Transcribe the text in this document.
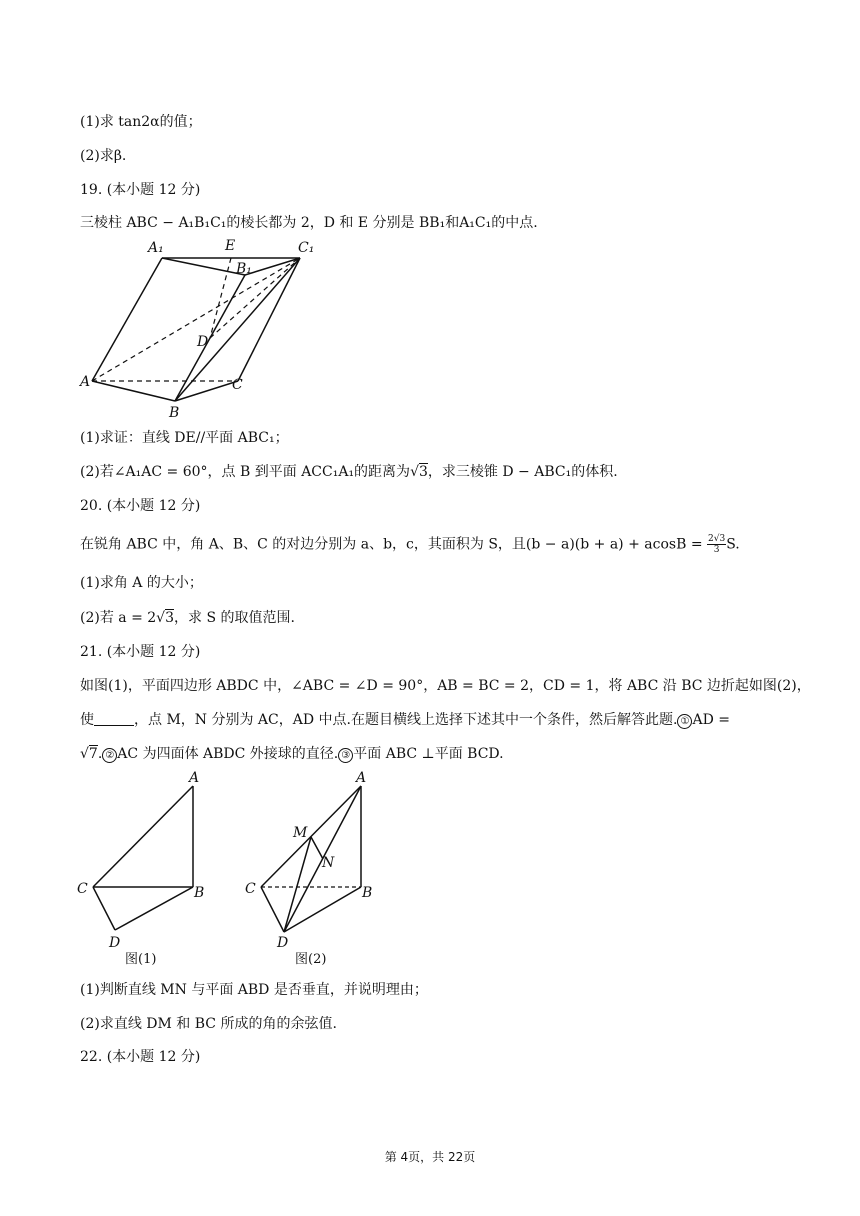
(1)求 tan2α的值；
(2)求β.
19. (本小题 12 分)
三棱柱 ABC − A₁B₁C₁的棱长都为 2，D 和 E 分别是 BB₁和A₁C₁的中点.
A₁	E	C₁
B₁
D
A	C
B
(1)求证：直线 DE//平面 ABC₁；
(2)若∠A₁AC = 60°，点 B 到平面 ACC₁A₁的距离为√3，求三棱锥 D − ABC₁的体积.
20. (本小题 12 分)
在锐角 ABC 中，角 A、B、C 的对边分别为 a、b，c，其面积为 S，且$(b - a)(b + a) + acosB = \frac{2√3}{3} S$.
(1)求角 A 的大小；
(2)若 a = 2√3，求 S 的取值范围.
21. (本小题 12 分)
如图(1)，平面四边形 ABDC 中，∠ABC = ∠D = 90°，AB = BC = 2，CD = 1，将 ABC 沿 BC 边折起如图(2)，
使	，点 M，N 分别为 AC，AD 中点.在题目横线上选择下述其中一个条件，然后解答此题. ① AD =
√7. ② AC 为四面体 ABDC 外接球的直径. ③ 平面 ABC ⊥平面 BCD.
A
C	B
D
图(1)
A
M
N
C	B
D
图(2)
(1)判断直线 MN 与平面 ABD 是否垂直，并说明理由；
(2)求直线 DM 和 BC 所成的角的余弦值.
22. (本小题 12 分)
第 4页，共 22页
